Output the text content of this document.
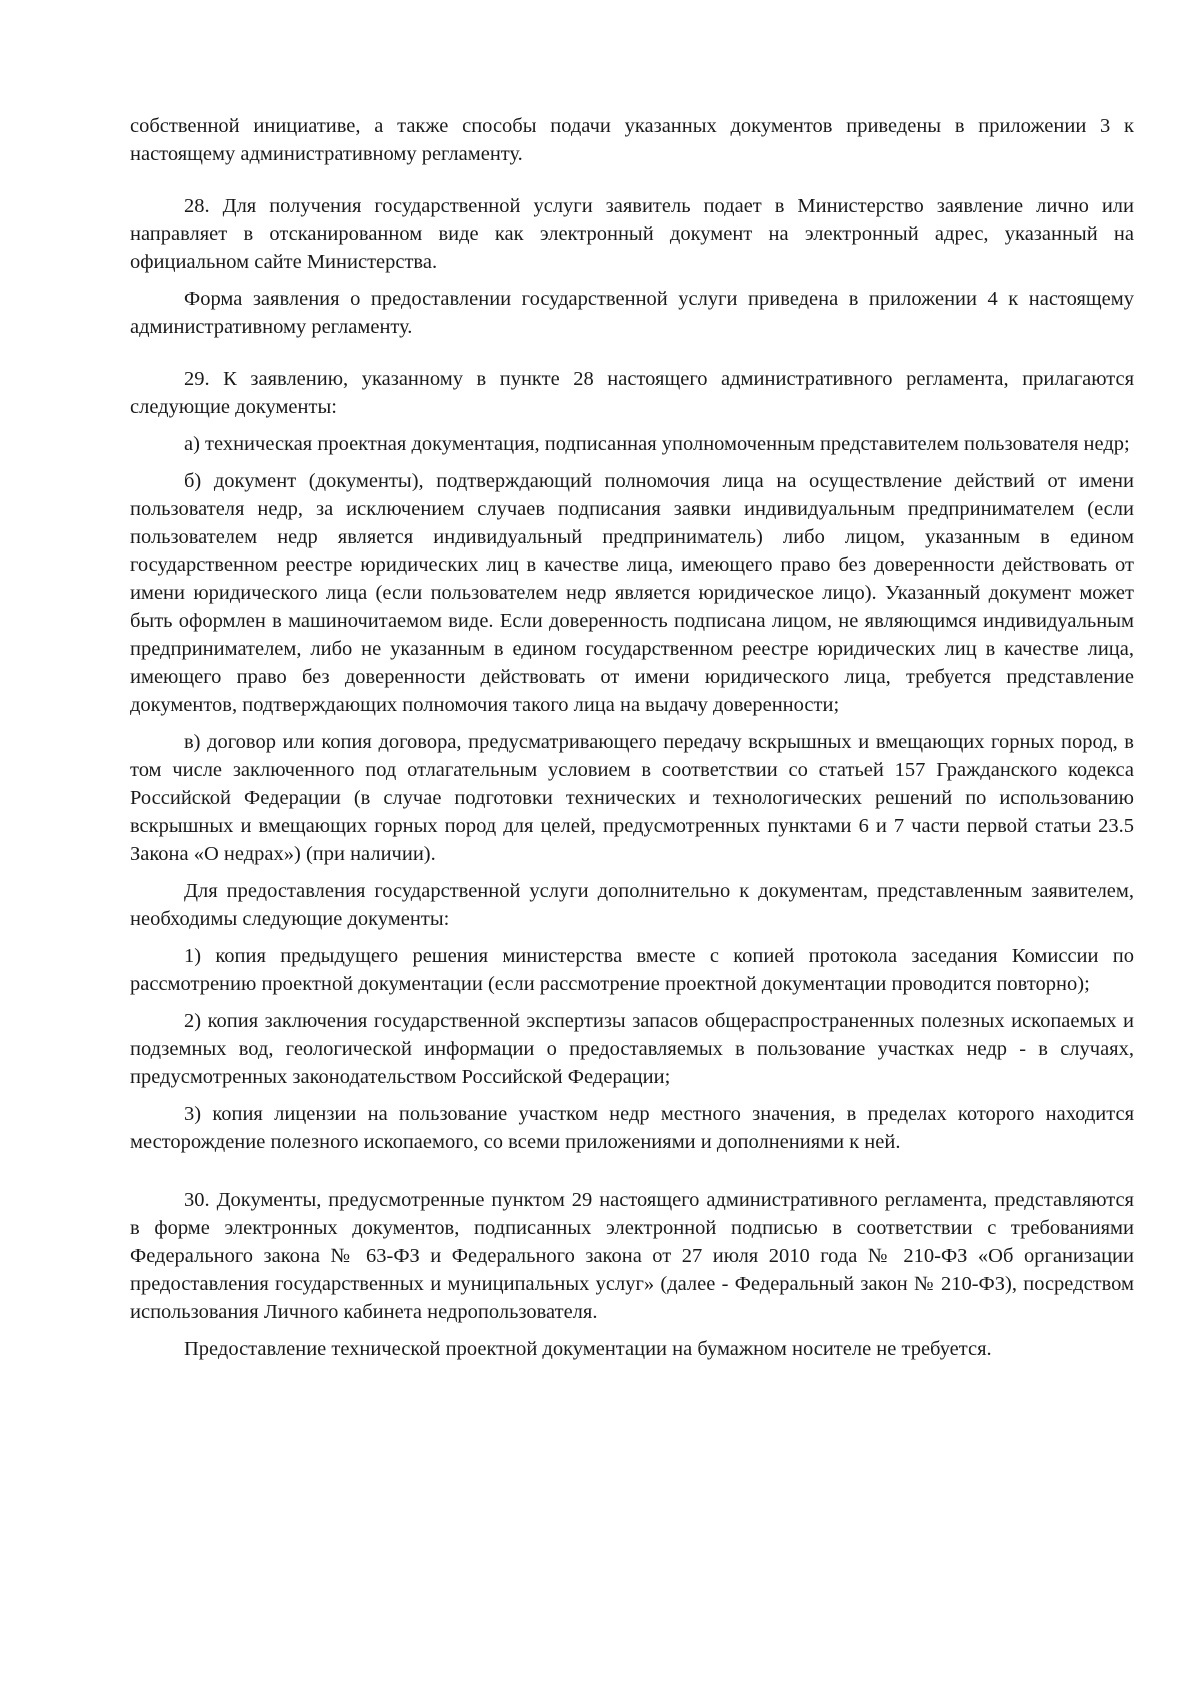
собственной инициативе, а также способы подачи указанных документов приведены в приложении 3 к настоящему административному регламенту.

28. Для получения государственной услуги заявитель подает в Министерство заявление лично или направляет в отсканированном виде как электронный документ на электронный адрес, указанный на официальном сайте Министерства.

Форма заявления о предоставлении государственной услуги приведена в приложении 4 к настоящему административному регламенту.

29. К заявлению, указанному в пункте 28 настоящего административного регламента, прилагаются следующие документы:

а) техническая проектная документация, подписанная уполномоченным представителем пользователя недр;

б) документ (документы), подтверждающий полномочия лица на осуществление действий от имени пользователя недр, за исключением случаев подписания заявки индивидуальным предпринимателем (если пользователем недр является индивидуальный предприниматель) либо лицом, указанным в едином государственном реестре юридических лиц в качестве лица, имеющего право без доверенности действовать от имени юридического лица (если пользователем недр является юридическое лицо). Указанный документ может быть оформлен в машиночитаемом виде. Если доверенность подписана лицом, не являющимся индивидуальным предпринимателем, либо не указанным в едином государственном реестре юридических лиц в качестве лица, имеющего право без доверенности действовать от имени юридического лица, требуется представление документов, подтверждающих полномочия такого лица на выдачу доверенности;

в) договор или копия договора, предусматривающего передачу вскрышных и вмещающих горных пород, в том числе заключенного под отлагательным условием в соответствии со статьей 157 Гражданского кодекса Российской Федерации (в случае подготовки технических и технологических решений по использованию вскрышных и вмещающих горных пород для целей, предусмотренных пунктами 6 и 7 части первой статьи 23.5 Закона «О недрах») (при наличии).

Для предоставления государственной услуги дополнительно к документам, представленным заявителем, необходимы следующие документы:

1) копия предыдущего решения министерства вместе с копией протокола заседания Комиссии по рассмотрению проектной документации (если рассмотрение проектной документации проводится повторно);

2) копия заключения государственной экспертизы запасов общераспространенных полезных ископаемых и подземных вод, геологической информации о предоставляемых в пользование участках недр - в случаях, предусмотренных законодательством Российской Федерации;

3) копия лицензии на пользование участком недр местного значения, в пределах которого находится месторождение полезного ископаемого, со всеми приложениями и дополнениями к ней.

30. Документы, предусмотренные пунктом 29 настоящего административного регламента, представляются в форме электронных документов, подписанных электронной подписью в соответствии с требованиями Федерального закона № 63-ФЗ и Федерального закона от 27 июля 2010 года № 210-ФЗ «Об организации предоставления государственных и муниципальных услуг» (далее - Федеральный закон № 210-ФЗ), посредством использования Личного кабинета недропользователя.

Предоставление технической проектной документации на бумажном носителе не требуется.
